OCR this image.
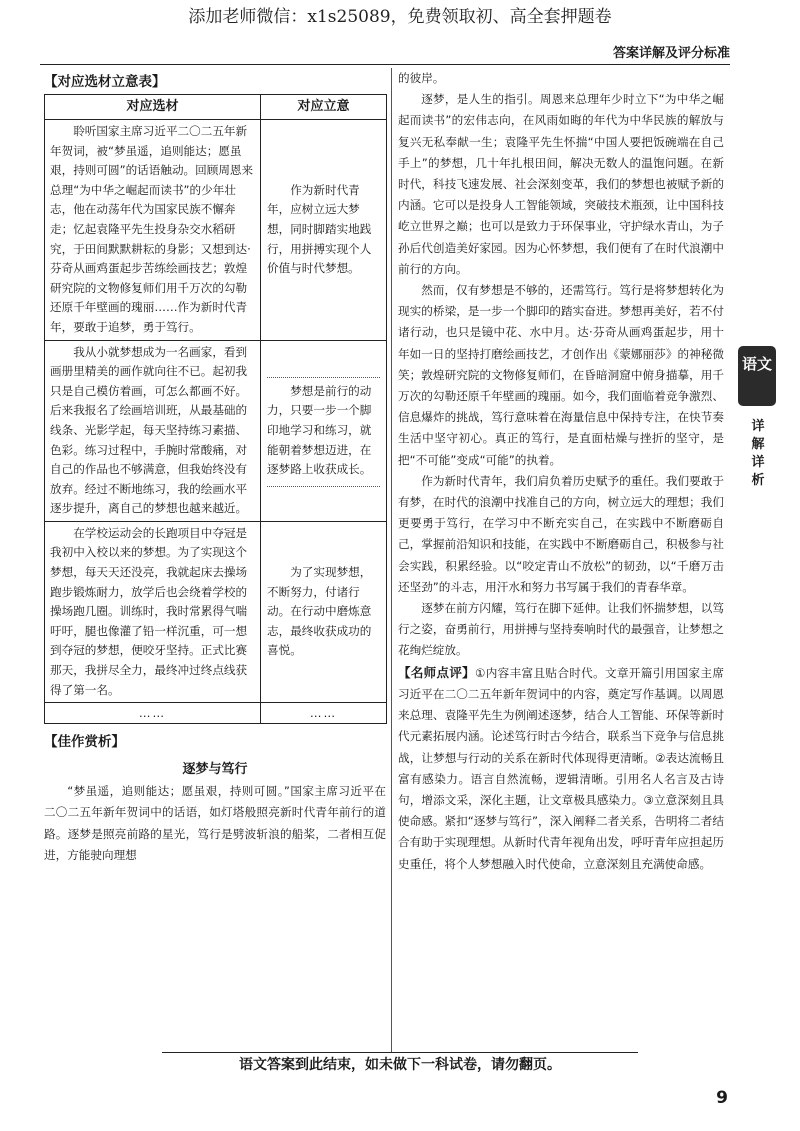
添加老师微信：x1s25089，免费领取初、高全套押题卷
答案详解及评分标准
【对应选材立意表】
对应选材	对应立意

聆听国家主席习近平二〇二五年新年贺词，被“梦虽遥，追则能达；愿虽艰，持则可圆”的话语触动。回顾周恩来总理“为中华之崛起而读书”的少年壮志，他在动荡年代为国家民族不懈奔走；忆起袁隆平先生投身杂交水稻研究，于田间默默耕耘的身影；又想到达·芬奇从画鸡蛋起步苦练绘画技艺；敦煌研究院的文物修复师们用千万次的勾勒还原千年壁画的瑰丽……作为新时代青年，要敢于追梦，勇于笃行。	作为新时代青年，应树立远大梦想，同时脚踏实地践行，用拼搏实现个人价值与时代梦想。

我从小就梦想成为一名画家，看到画册里精美的画作就向往不已。起初我只是自己模仿着画，可怎么都画不好。后来我报名了绘画培训班，从最基础的线条、光影学起，每天坚持练习素描、色彩。练习过程中，手腕时常酸痛，对自己的作品也不够满意，但我始终没有放弃。经过不断地练习，我的绘画水平逐步提升，离自己的梦想也越来越近。	梦想是前行的动力，只要一步一个脚印地学习和练习，就能朝着梦想迈进，在逐梦路上收获成长。

在学校运动会的长跑项目中夺冠是我初中入校以来的梦想。为了实现这个梦想，每天天还没亮，我就起床去操场跑步锻炼耐力，放学后也会绕着学校的操场跑几圈。训练时，我时常累得气喘吁吁，腿也像灌了铅一样沉重，可一想到夺冠的梦想，便咬牙坚持。正式比赛那天，我拼尽全力，最终冲过终点线获得了第一名。	为了实现梦想，不断努力，付诸行动。在行动中磨炼意志，最终收获成功的喜悦。

……	……
【佳作赏析】
逐梦与笃行

“梦虽遥，追则能达；愿虽艰，持则可圆。”国家主席习近平在二〇二五年新年贺词中的话语，如灯塔般照亮新时代青年前行的道路。逐梦是照亮前路的星光，笃行是劈波斩浪的船桨，二者相互促进，方能驶向理想

的彼岸。

逐梦，是人生的指引。周恩来总理年少时立下“为中华之崛起而读书”的宏伟志向，在风雨如晦的年代为中华民族的解放与复兴无私奉献一生；袁隆平先生怀揣“中国人要把饭碗端在自己手上”的梦想，几十年扎根田间，解决无数人的温饱问题。在新时代，科技飞速发展、社会深刻变革，我们的梦想也被赋予新的内涵。它可以是投身人工智能领域，突破技术瓶颈，让中国科技屹立世界之巅；也可以是致力于环保事业，守护绿水青山，为子孙后代创造美好家园。因为心怀梦想，我们便有了在时代浪潮中前行的方向。

然而，仅有梦想是不够的，还需笃行。笃行是将梦想转化为现实的桥梁，是一步一个脚印的踏实奋进。梦想再美好，若不付诸行动，也只是镜中花、水中月。达·芬奇从画鸡蛋起步，用十年如一日的坚持打磨绘画技艺，才创作出《蒙娜丽莎》的神秘微笑；敦煌研究院的文物修复师们，在昏暗洞窟中俯身描摹，用千万次的勾勒还原千年壁画的瑰丽。如今，我们面临着竞争激烈、信息爆炸的挑战，笃行意味着在海量信息中保持专注，在快节奏生活中坚守初心。真正的笃行，是直面枯燥与挫折的坚守，是把“不可能”变成“可能”的执着。

作为新时代青年，我们肩负着历史赋予的重任。我们要敢于有梦，在时代的浪潮中找准自己的方向，树立远大的理想；我们更要勇于笃行，在学习中不断充实自己，在实践中不断磨砺自己，掌握前沿知识和技能，在实践中不断磨砺自己，积极参与社会实践，积累经验。以“咬定青山不放松”的韧劲，以“千磨万击还坚劲”的斗志，用汗水和努力书写属于我们的青春华章。

逐梦在前方闪耀，笃行在脚下延伸。让我们怀揣梦想，以笃行之姿，奋勇前行，用拼搏与坚持奏响时代的最强音，让梦想之花绚烂绽放。

【名师点评】①内容丰富且贴合时代。文章开篇引用国家主席习近平在二〇二五年新年贺词中的内容，奠定写作基调。以周恩来总理、袁隆平先生为例阐述逐梦，结合人工智能、环保等新时代元素拓展内涵。论述笃行时古今结合，联系当下竞争与信息挑战，让梦想与行动的关系在新时代体现得更清晰。②表达流畅且富有感染力。语言自然流畅，逻辑清晰。引用名人名言及古诗句，增添文采，深化主题，让文章极具感染力。③立意深刻且具使命感。紧扣“逐梦与笃行”，深入阐释二者关系，告明将二者结合有助于实现理想。从新时代青年视角出发，呼吁青年应担起历史重任，将个人梦想融入时代使命，立意深刻且充满使命感。

语文
详解详析
语文答案到此结束，如未做下一科试卷，请勿翻页。
9
